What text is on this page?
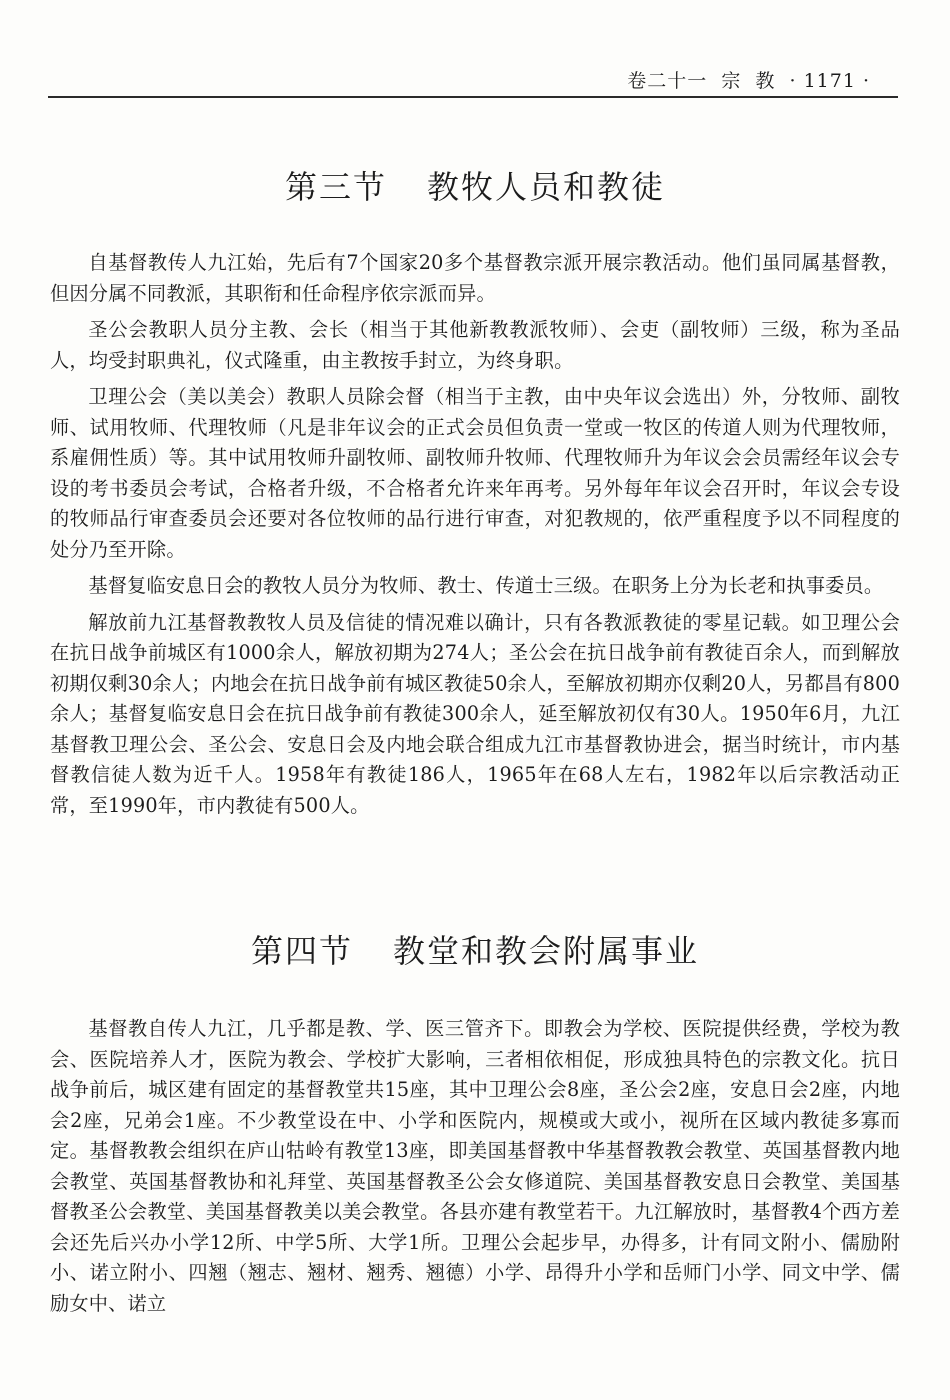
卷二十一  宗  教  · 1171 ·
第三节 教牧人员和教徒

自基督教传人九江始，先后有7个国家20多个基督教宗派开展宗教活动。他们虽同属基督教，但因分属不同教派，其职衔和任命程序依宗派而异。

圣公会教职人员分主教、会长（相当于其他新教教派牧师）、会吏（副牧师）三级，称为圣品人，均受封职典礼，仪式隆重，由主教按手封立，为终身职。

卫理公会（美以美会）教职人员除会督（相当于主教，由中央年议会选出）外，分牧师、副牧师、试用牧师、代理牧师（凡是非年议会的正式会员但负责一堂或一牧区的传道人则为代理牧师，系雇佣性质）等。其中试用牧师升副牧师、副牧师升牧师、代理牧师升为年议会会员需经年议会专设的考书委员会考试，合格者升级，不合格者允许来年再考。另外每年年议会召开时，年议会专设的牧师品行审查委员会还要对各位牧师的品行进行审查，对犯教规的，依严重程度予以不同程度的处分乃至开除。

基督复临安息日会的教牧人员分为牧师、教士、传道士三级。在职务上分为长老和执事委员。

解放前九江基督教教牧人员及信徒的情况难以确计，只有各教派教徒的零星记载。如卫理公会在抗日战争前城区有1000余人，解放初期为274人；圣公会在抗日战争前有教徒百余人，而到解放初期仅剩30余人；内地会在抗日战争前有城区教徒50余人，至解放初期亦仅剩20人，另都昌有800余人；基督复临安息日会在抗日战争前有教徒300余人，延至解放初仅有30人。1950年6月，九江基督教卫理公会、圣公会、安息日会及内地会联合组成九江市基督教协进会，据当时统计，市内基督教信徒人数为近千人。1958年有教徒186人，1965年在68人左右，1982年以后宗教活动正常，至1990年，市内教徒有500人。

第四节 教堂和教会附属事业

基督教自传人九江，几乎都是教、学、医三管齐下。即教会为学校、医院提供经费，学校为教会、医院培养人才，医院为教会、学校扩大影响，三者相依相促，形成独具特色的宗教文化。抗日战争前后，城区建有固定的基督教堂共15座，其中卫理公会8座，圣公会2座，安息日会2座，内地会2座，兄弟会1座。不少教堂设在中、小学和医院内，规模或大或小，视所在区域内教徒多寡而定。基督教教会组织在庐山牯岭有教堂13座，即美国基督教中华基督教教会教堂、英国基督教内地会教堂、英国基督教协和礼拜堂、英国基督教圣公会女修道院、美国基督教安息日会教堂、美国基督教圣公会教堂、美国基督教美以美会教堂。各县亦建有教堂若干。九江解放时，基督教4个西方差会还先后兴办小学12所、中学5所、大学1所。卫理公会起步早，办得多，计有同文附小、儒励附小、诺立附小、四翘（翘志、翘材、翘秀、翘德）小学、昂得升小学和岳师门小学、同文中学、儒励女中、诺立
